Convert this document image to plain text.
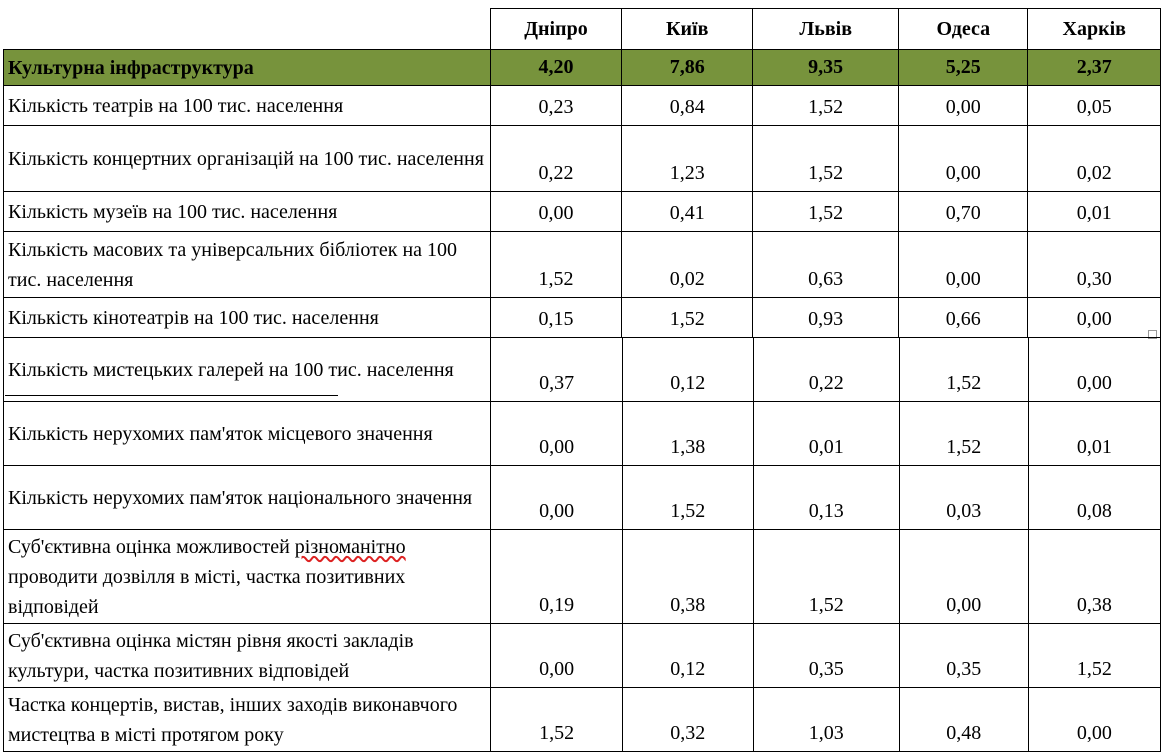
	Дніпро	Київ	Львів	Одеса	Харків
Культурна інфраструктура	4,20	7,86	9,35	5,25	2,37
Кількість театрів на 100 тис. населення	0,23	0,84	1,52	0,00	0,05
Кількість концертних організацій на 100 тис. населення	0,22	1,23	1,52	0,00	0,02
Кількість музеїв на 100 тис. населення	0,00	0,41	1,52	0,70	0,01
Кількість масових та універсальних бібліотек на 100 тис. населення	1,52	0,02	0,63	0,00	0,30
Кількість кінотеатрів на 100 тис. населення	0,15	1,52	0,93	0,66	0,00
Кількість мистецьких галерей на 100 тис. населення	0,37	0,12	0,22	1,52	0,00
Кількість нерухомих пам'яток місцевого значення	0,00	1,38	0,01	1,52	0,01
Кількість нерухомих пам'яток національного значення	0,00	1,52	0,13	0,03	0,08
Суб'єктивна оцінка можливостей різноманітно проводити дозвілля в місті, частка позитивних відповідей	0,19	0,38	1,52	0,00	0,38
Суб'єктивна оцінка містян рівня якості закладів культури, частка позитивних відповідей	0,00	0,12	0,35	0,35	1,52
Частка концертів, вистав, інших заходів виконавчого мистецтва в місті протягом року	1,52	0,32	1,03	0,48	0,00
